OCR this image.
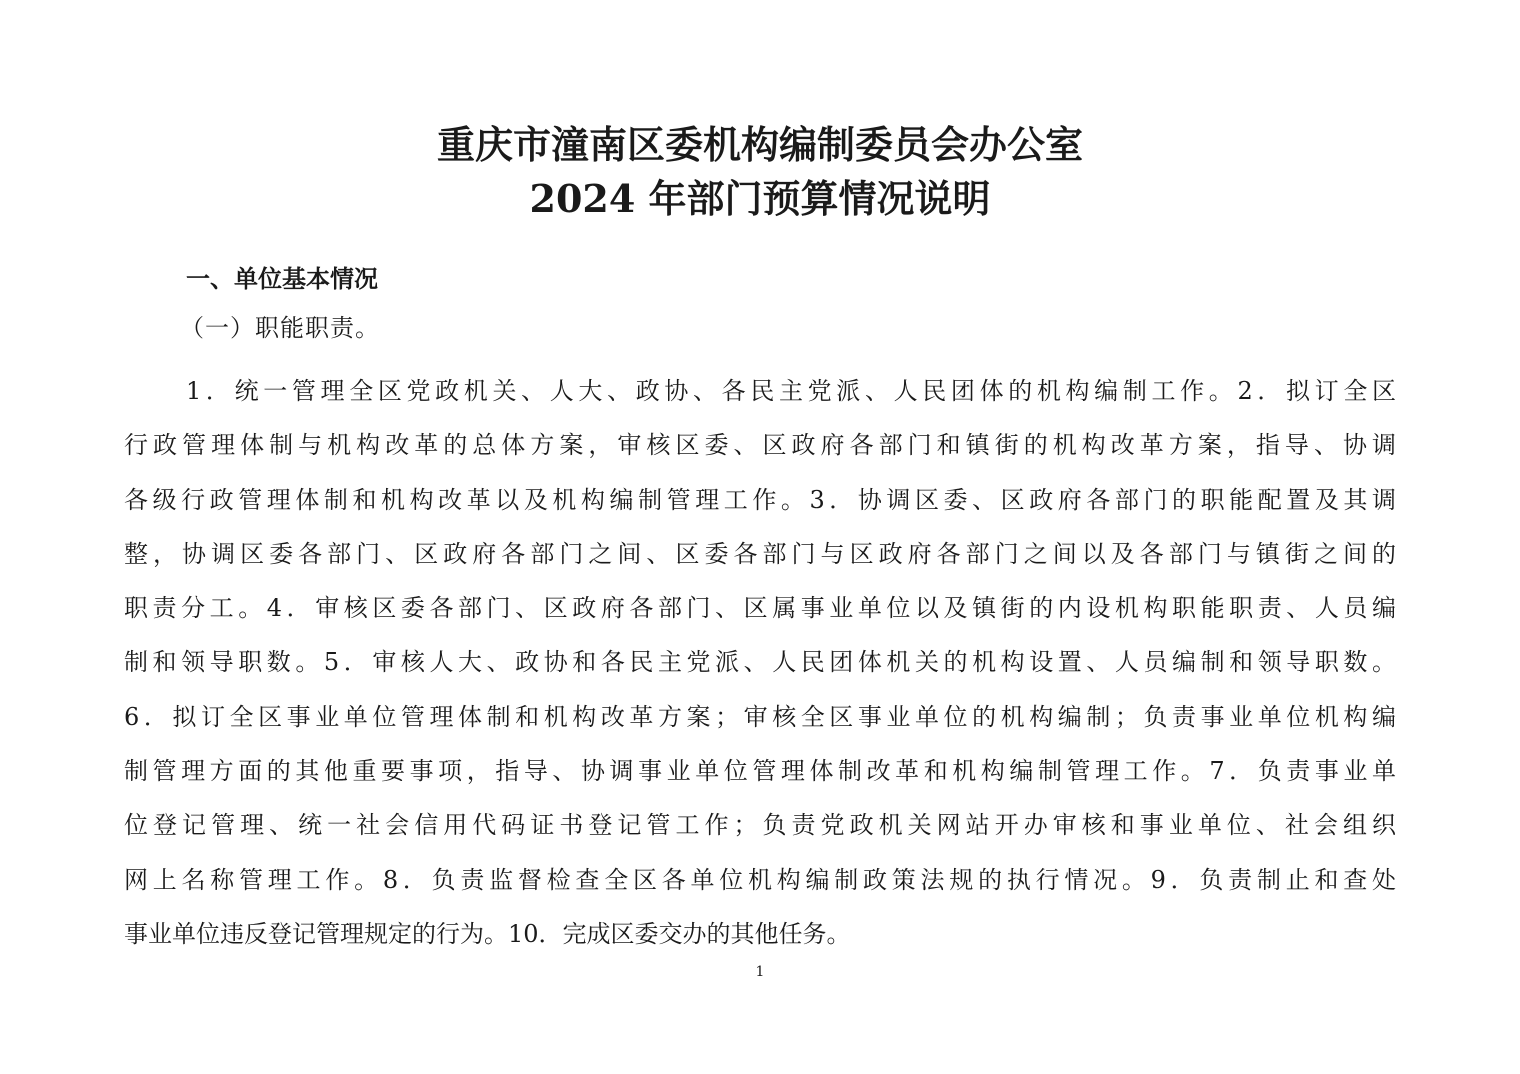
重庆市潼南区委机构编制委员会办公室
2024 年部门预算情况说明
一、单位基本情况
（一）职能职责。
1．统一管理全区党政机关、人大、政协、各民主党派、人民团体的机构编制工作。2．拟订全区
行政管理体制与机构改革的总体方案，审核区委、区政府各部门和镇街的机构改革方案，指导、协调
各级行政管理体制和机构改革以及机构编制管理工作。3．协调区委、区政府各部门的职能配置及其调
整，协调区委各部门、区政府各部门之间、区委各部门与区政府各部门之间以及各部门与镇街之间的
职责分工。4．审核区委各部门、区政府各部门、区属事业单位以及镇街的内设机构职能职责、人员编
制和领导职数。5．审核人大、政协和各民主党派、人民团体机关的机构设置、人员编制和领导职数。
6．拟订全区事业单位管理体制和机构改革方案；审核全区事业单位的机构编制；负责事业单位机构编
制管理方面的其他重要事项，指导、协调事业单位管理体制改革和机构编制管理工作。7．负责事业单
位登记管理、统一社会信用代码证书登记管工作；负责党政机关网站开办审核和事业单位、社会组织
网上名称管理工作。8．负责监督检查全区各单位机构编制政策法规的执行情况。9．负责制止和查处
事业单位违反登记管理规定的行为。10．完成区委交办的其他任务。
1
